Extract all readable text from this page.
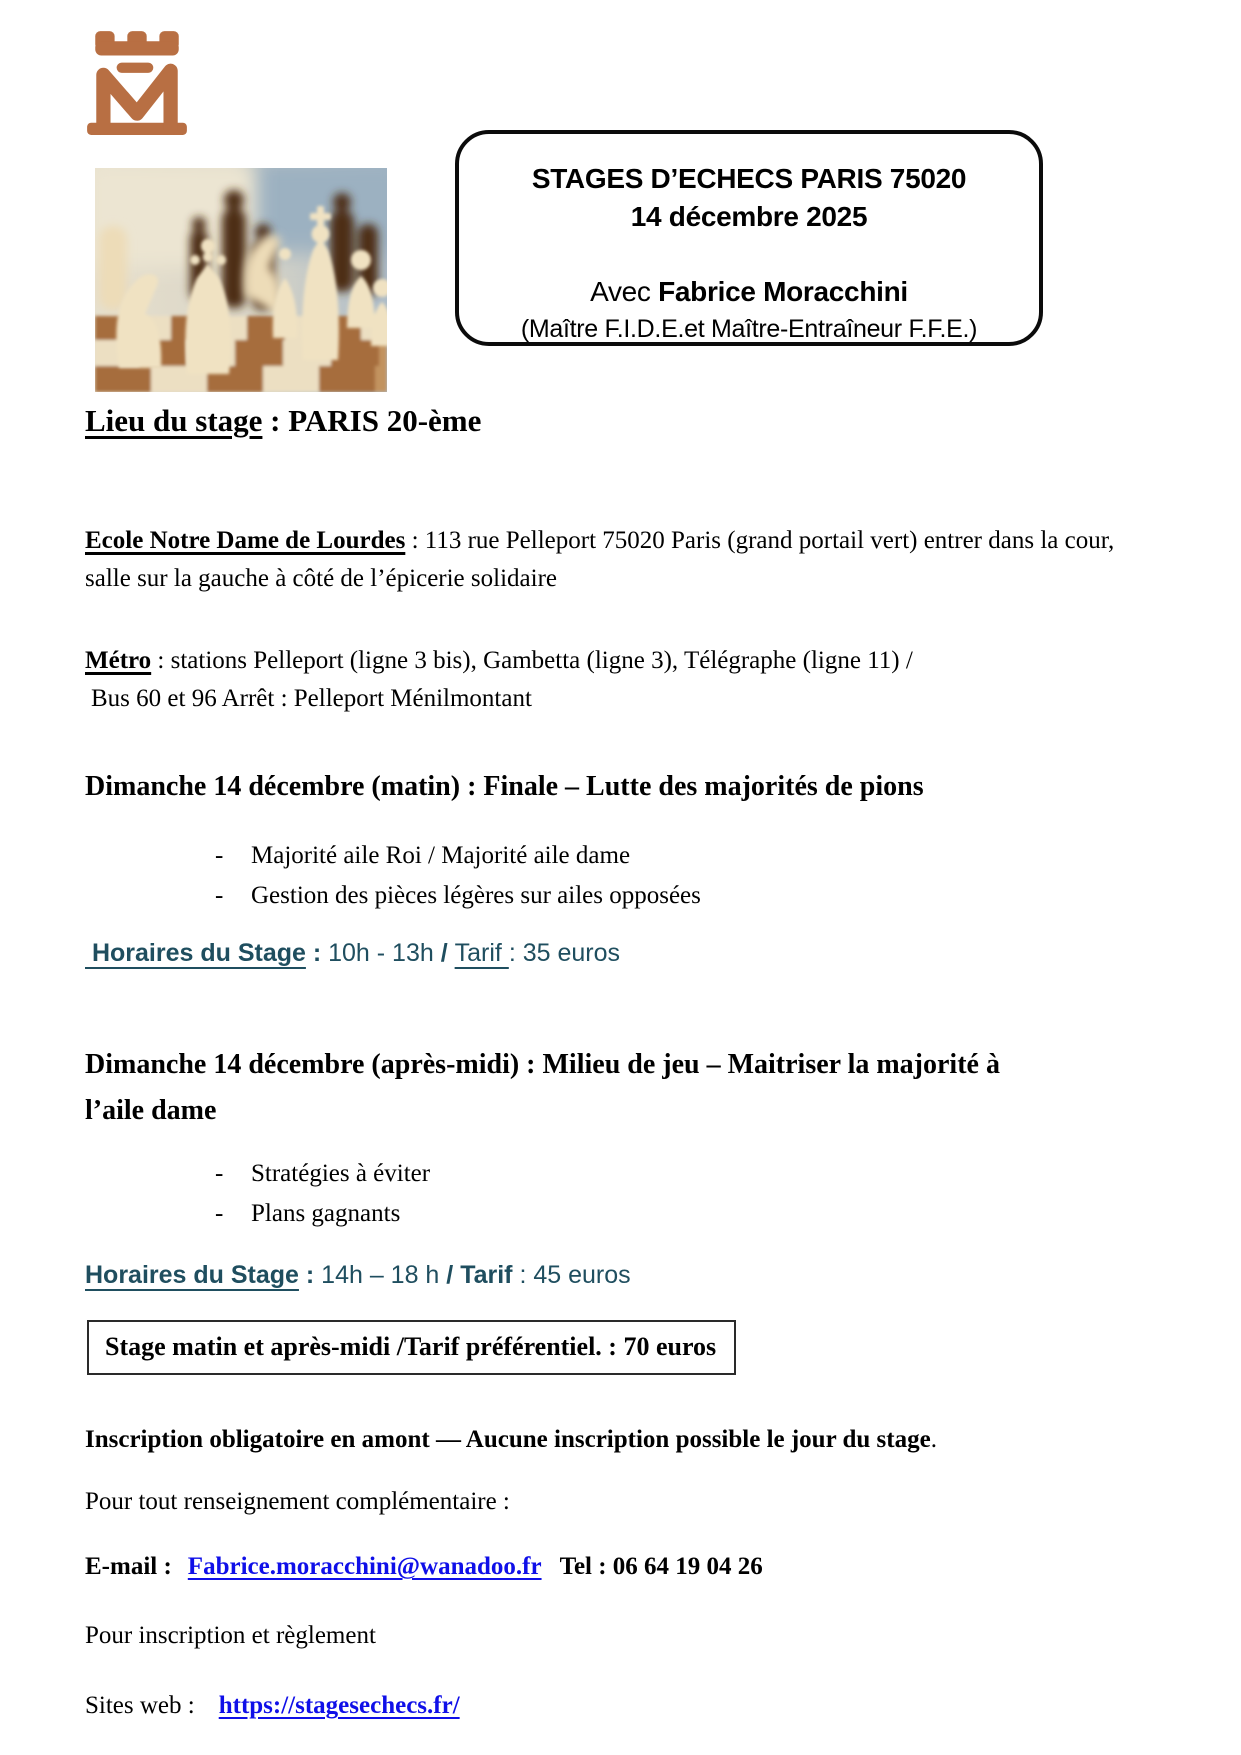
STAGES D’ECHECS PARIS 75020
14 décembre 2025
Avec Fabrice Moracchini
(Maître F.I.D.E.et Maître-Entraîneur F.F.E.)
Lieu du stage : PARIS 20-ème

Ecole Notre Dame de Lourdes : 113 rue Pelleport 75020 Paris (grand portail vert) entrer dans la cour, salle sur la gauche à côté de l’épicerie solidaire

Métro : stations Pelleport (ligne 3 bis), Gambetta (ligne 3), Télégraphe (ligne 11) /
Bus 60 et 96 Arrêt : Pelleport Ménilmontant
Dimanche 14 décembre (matin) : Finale – Lutte des majorités de pions
- Majorité aile Roi / Majorité aile dame
- Gestion des pièces légères sur ailes opposées

Horaires du Stage : 10h - 13h / Tarif : 35 euros

Dimanche 14 décembre (après-midi) : Milieu de jeu – Maitriser la majorité à l’aile dame
- Stratégies à éviter
- Plans gagnants

Horaires du Stage : 14h – 18 h / Tarif : 45 euros

Stage matin et après-midi /Tarif préférentiel. : 70 euros

Inscription obligatoire en amont — Aucune inscription possible le jour du stage.

Pour tout renseignement complémentaire :

E-mail : Fabrice.moracchini@wanadoo.fr Tel : 06 64 19 04 26

Pour inscription et règlement

Sites web : https://stagesechecs.fr/
